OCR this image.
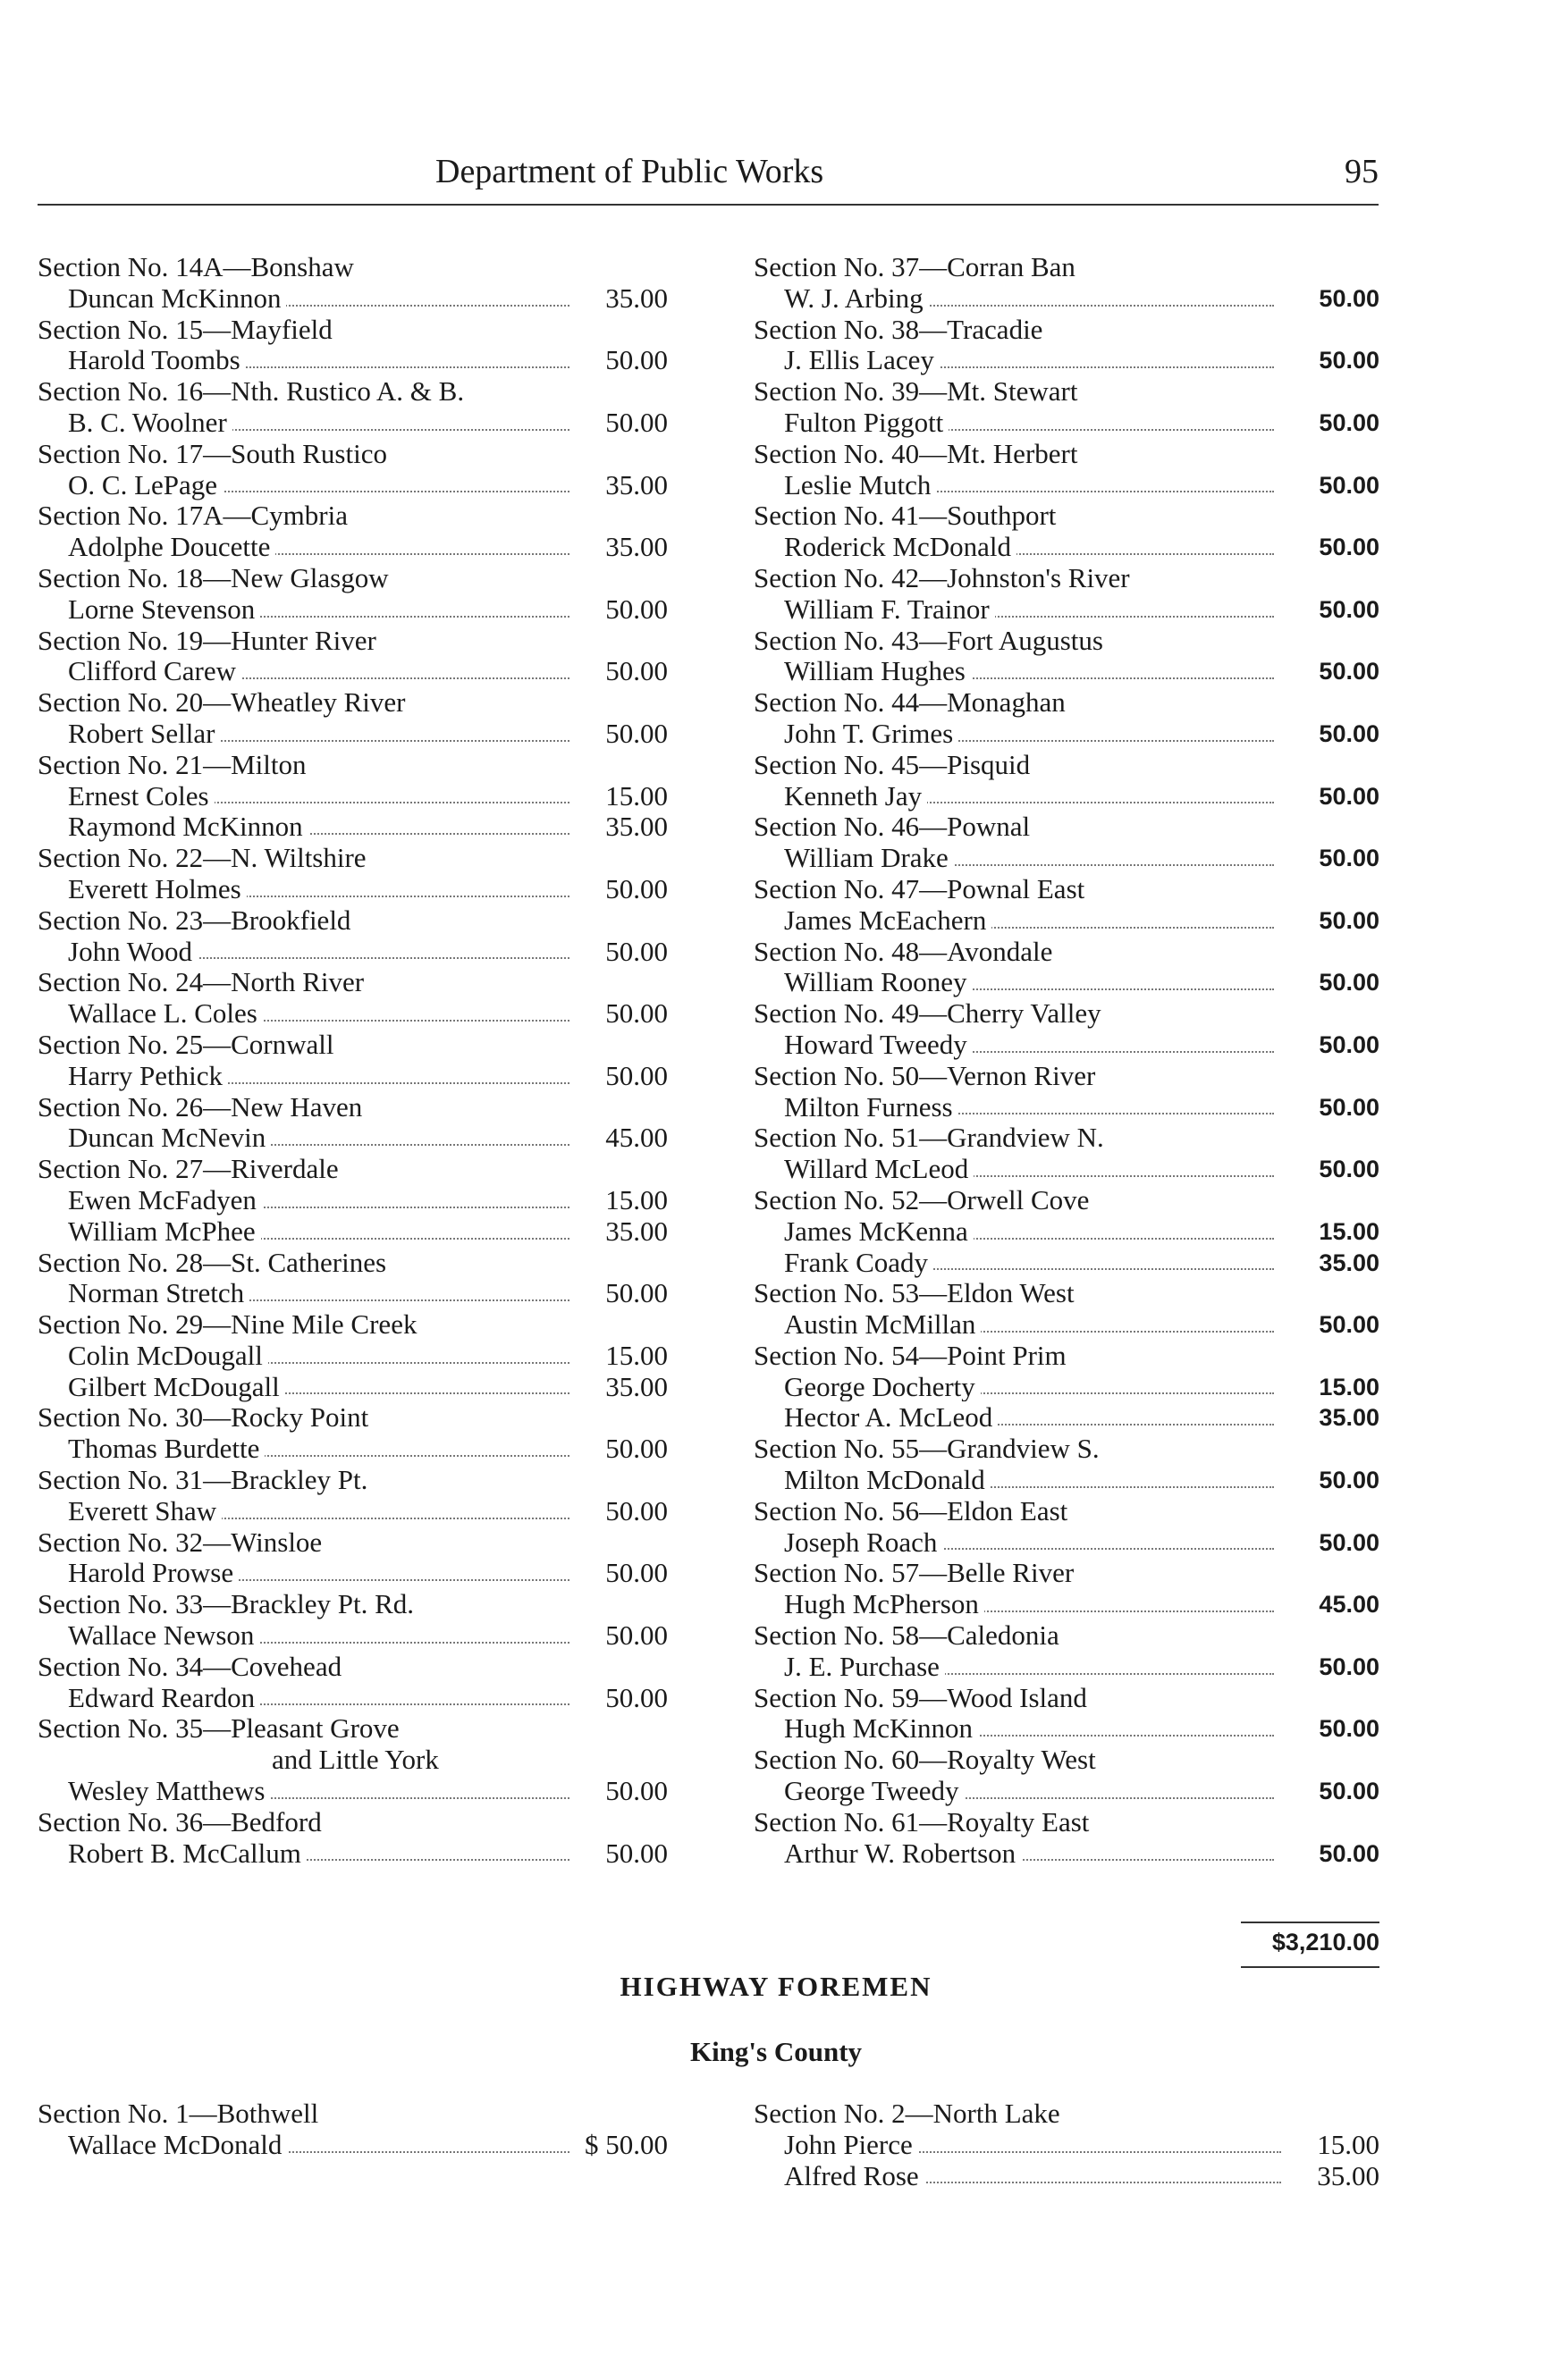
Department of Public Works	95
Section No. 14A—Bonshaw
Duncan McKinnon	35.00
Section No. 15—Mayfield
Harold Toombs	50.00
Section No. 16—Nth. Rustico A. & B.
B. C. Woolner	50.00
Section No. 17—South Rustico
O. C. LePage	35.00
Section No. 17A—Cymbria
Adolphe Doucette	35.00
Section No. 18—New Glasgow
Lorne Stevenson	50.00
Section No. 19—Hunter River
Clifford Carew	50.00
Section No. 20—Wheatley River
Robert Sellar	50.00
Section No. 21—Milton
Ernest Coles	15.00
Raymond McKinnon	35.00
Section No. 22—N. Wiltshire
Everett Holmes	50.00
Section No. 23—Brookfield
John Wood	50.00
Section No. 24—North River
Wallace L. Coles	50.00
Section No. 25—Cornwall
Harry Pethick	50.00
Section No. 26—New Haven
Duncan McNevin	45.00
Section No. 27—Riverdale
Ewen McFadyen	15.00
William McPhee	35.00
Section No. 28—St. Catherines
Norman Stretch	50.00
Section No. 29—Nine Mile Creek
Colin McDougall	15.00
Gilbert McDougall	35.00
Section No. 30—Rocky Point
Thomas Burdette	50.00
Section No. 31—Brackley Pt.
Everett Shaw	50.00
Section No. 32—Winsloe
Harold Prowse	50.00
Section No. 33—Brackley Pt. Rd.
Wallace Newson	50.00
Section No. 34—Covehead
Edward Reardon	50.00
Section No. 35—Pleasant Grove
and Little York
Wesley Matthews	50.00
Section No. 36—Bedford
Robert B. McCallum	50.00
Section No. 37—Corran Ban
W. J. Arbing	50.00
Section No. 38—Tracadie
J. Ellis Lacey	50.00
Section No. 39—Mt. Stewart
Fulton Piggott	50.00
Section No. 40—Mt. Herbert
Leslie Mutch	50.00
Section No. 41—Southport
Roderick McDonald	50.00
Section No. 42—Johnston's River
William F. Trainor	50.00
Section No. 43—Fort Augustus
William Hughes	50.00
Section No. 44—Monaghan
John T. Grimes	50.00
Section No. 45—Pisquid
Kenneth Jay	50.00
Section No. 46—Pownal
William Drake	50.00
Section No. 47—Pownal East
James McEachern	50.00
Section No. 48—Avondale
William Rooney	50.00
Section No. 49—Cherry Valley
Howard Tweedy	50.00
Section No. 50—Vernon River
Milton Furness	50.00
Section No. 51—Grandview N.
Willard McLeod	50.00
Section No. 52—Orwell Cove
James McKenna	15.00
Frank Coady	35.00
Section No. 53—Eldon West
Austin McMillan	50.00
Section No. 54—Point Prim
George Docherty	15.00
Hector A. McLeod	35.00
Section No. 55—Grandview S.
Milton McDonald	50.00
Section No. 56—Eldon East
Joseph Roach	50.00
Section No. 57—Belle River
Hugh McPherson	45.00
Section No. 58—Caledonia
J. E. Purchase	50.00
Section No. 59—Wood Island
Hugh McKinnon	50.00
Section No. 60—Royalty West
George Tweedy	50.00
Section No. 61—Royalty East
Arthur W. Robertson	50.00
$3,210.00
HIGHWAY FOREMEN
King's County
Section No. 1—Bothwell
Wallace McDonald	$ 50.00
Section No. 2—North Lake
John Pierce	15.00
Alfred Rose	35.00
